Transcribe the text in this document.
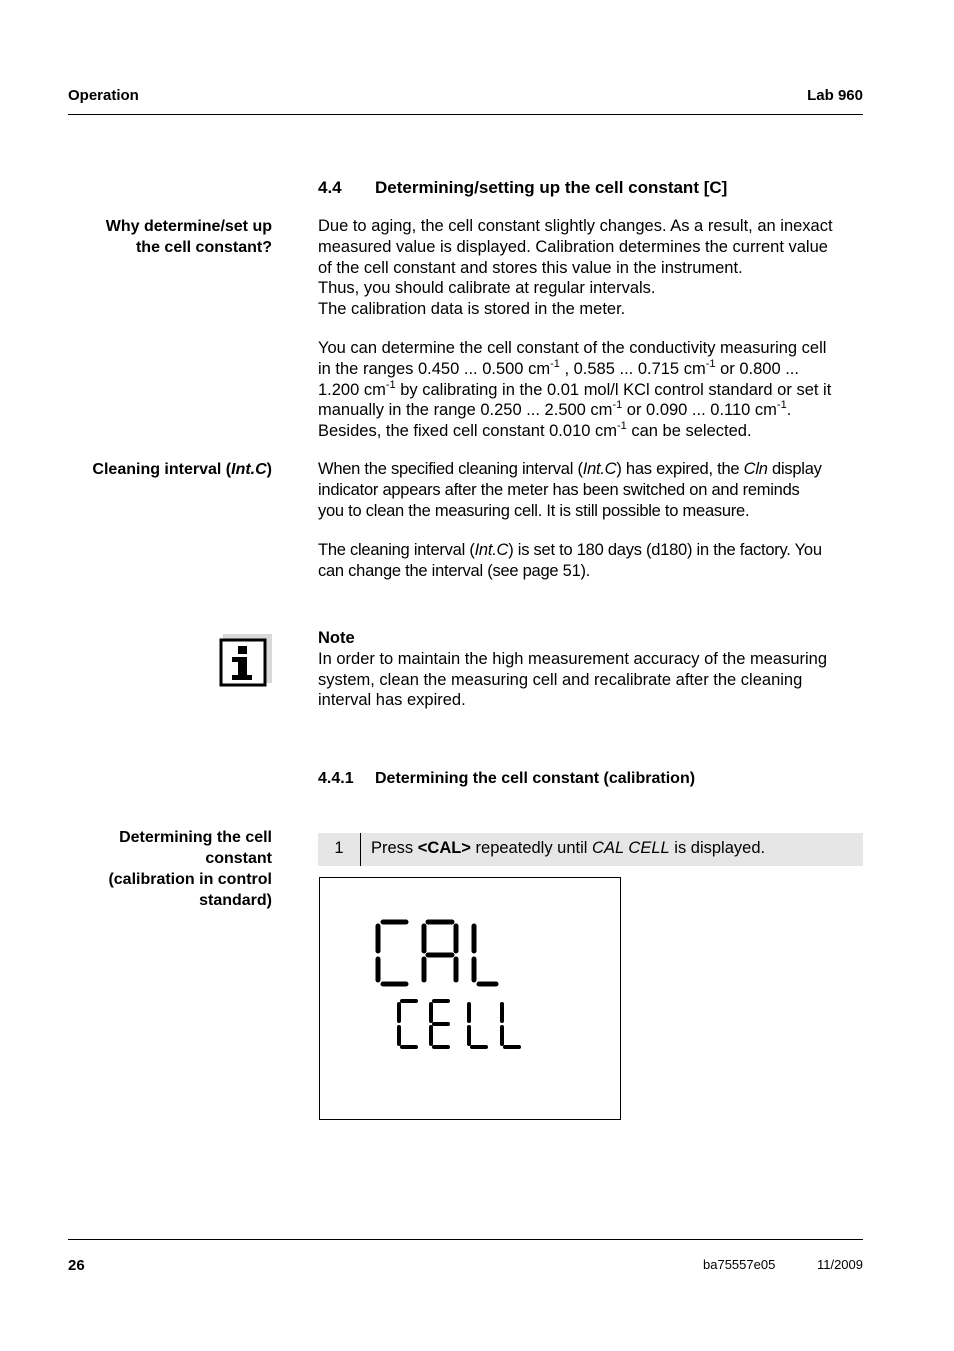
Operation	Lab 960
4.4 Determining/setting up the cell constant [C]
Why determine/set up
the cell constant?

Due to aging, the cell constant slightly changes. As a result, an inexact

measured value is displayed. Calibration determines the current value

of the cell constant and stores this value in the instrument.

Thus, you should calibrate at regular intervals.

The calibration data is stored in the meter.

You can determine the cell constant of the conductivity measuring cell

in the ranges 0.450 ... 0.500 $cm^{-1}$ , 0.585 ... 0.715 $cm^{-1}$ or 0.800 ...

1.200 $cm^{-1}$ by calibrating in the 0.01 mol/l KCl control standard or set it

manually in the range 0.250 ... 2.500 $cm^{-1}$ or 0.090 ... 0.110 $cm^{-1}$.

Besides, the fixed cell constant 0.010 $cm^{-1}$ can be selected.

Cleaning interval (Int.C)	When the specified cleaning interval (Int.C) has expired, the Cln display

indicator appears after the meter has been switched on and reminds

you to clean the measuring cell. It is still possible to measure.

The cleaning interval (Int.C) is set to 180 days (d180) in the factory. You

can change the interval (see page 51).

Note

In order to maintain the high measurement accuracy of the measuring

system, clean the measuring cell and recalibrate after the cleaning

interval has expired.

4.4.1 Determining the cell constant (calibration)
Determining the cell
constant
(calibration in control
standard)
1	Press <CAL> repeatedly until CAL CELL is displayed.
26	ba75557e05	11/2009
